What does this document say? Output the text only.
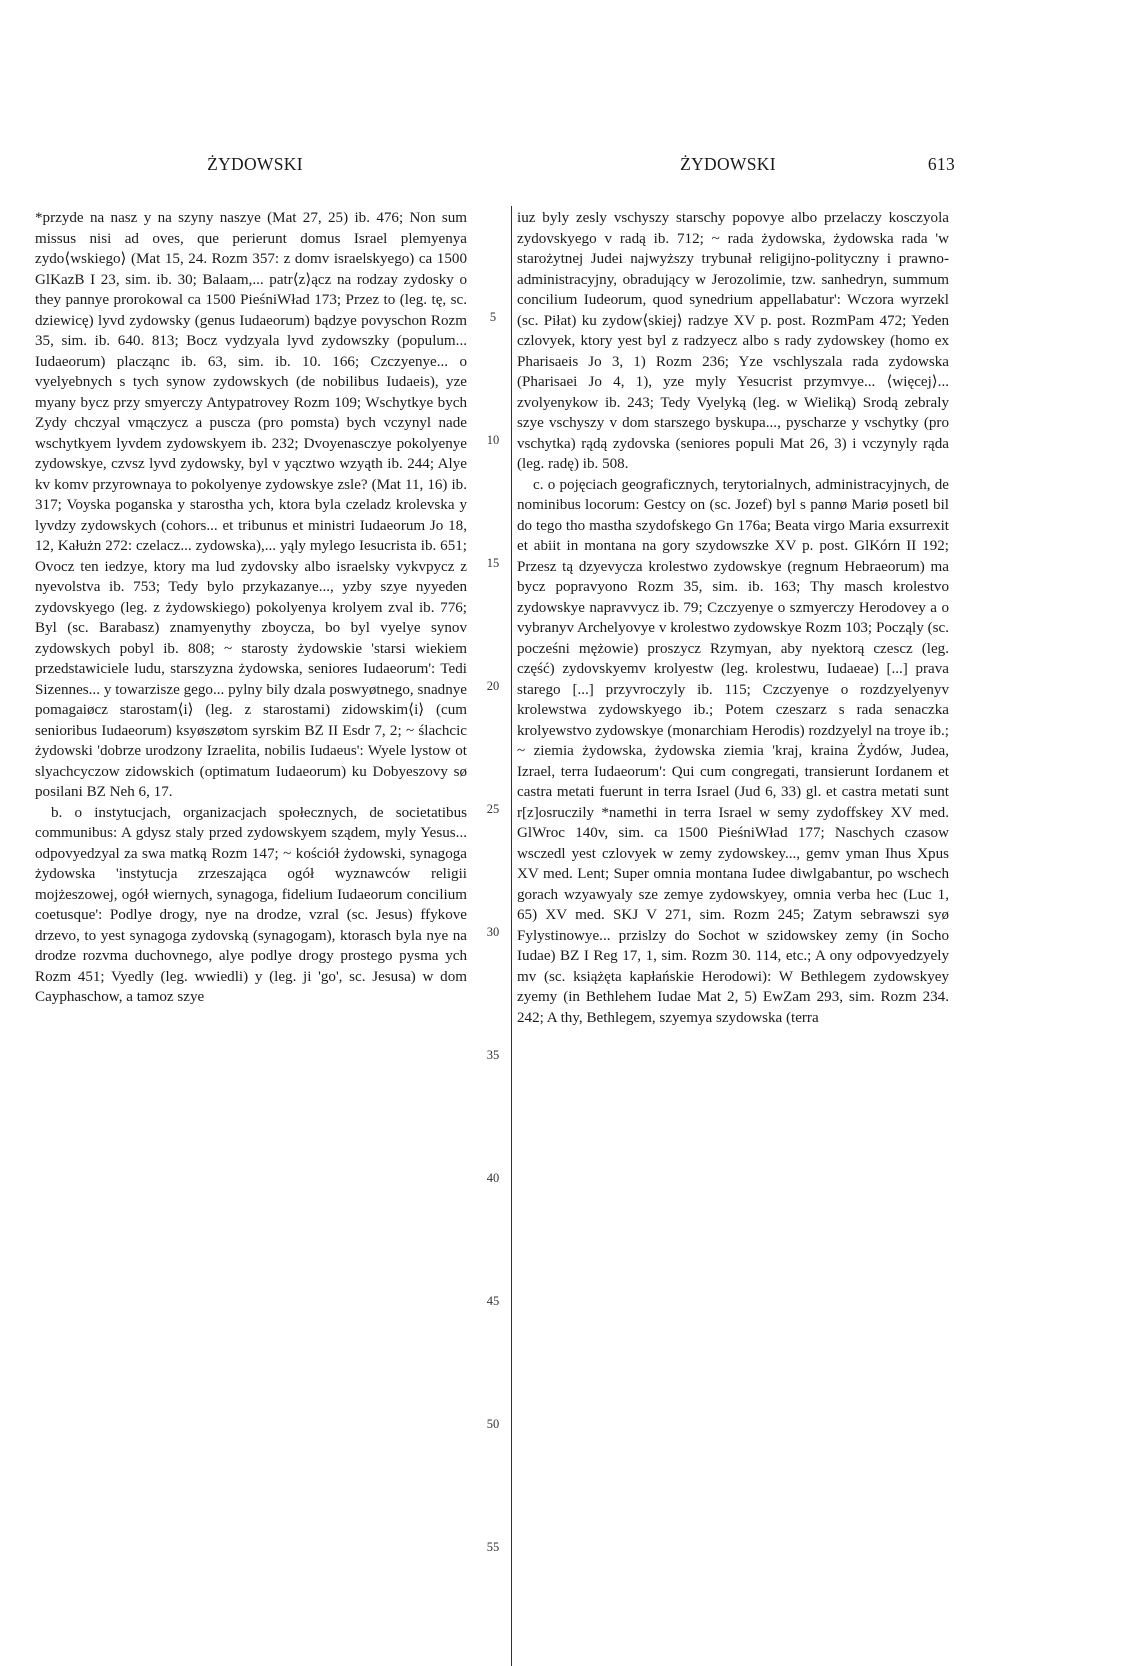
ŻYDOWSKI	ŻYDOWSKI	613

*przyde na nasz y na szyny naszye (Mat 27, 25) ib. 476; Non sum missus nisi ad oves, que perierunt domus Israel plemyenya zydo⟨wskiego⟩ (Mat 15, 24. Rozm 357: z domv israelskyego) ca 1500 GlKazB I 23, sim. ib. 30; Balaam,... patr⟨z⟩ącz na rodzay zydosky o they pannye prorokowal ca 1500 PieśniWład 173; Przez to (leg. tę, sc. dziewicę) lyvd zydowsky (genus Iudaeorum) bądzye povyschon Rozm 35, sim. ib. 640. 813; Bocz vydzyala lyvd zydowszky (populum... Iudaeorum) placząnc ib. 63, sim. ib. 10. 166; Czczyenye... o vyelyebnych s tych synow zydowskych (de nobilibus Iudaeis), yze myany bycz przy smyerczy Antypatrovey Rozm 109; Wschytkye bych Zydy chczyal vmączycz a puscza (pro pomsta) bych vczynyl nade wschytkyem lyvdem zydowskyem ib. 232; Dvoyenasczye pokolyenye zydowskye, czvsz lyvd zydowsky, byl v yącztwo wzyąth ib. 244; Alye kv komv przyrownaya to pokolyenye zydowskye zsle? (Mat 11, 16) ib. 317; Voyska poganska y starostha ych, ktora byla czeladz krolevska y lyvdzy zydowskych (cohors... et tribunus et ministri Iudaeorum Jo 18, 12, Kałużn 272: czelacz... zydowska),... yąly mylego Iesucrista ib. 651; Ovocz ten iedzye, ktory ma lud zydovsky albo israelsky vykvpycz z nyevolstva ib. 753; Tedy bylo przykazanye..., yzby szye nyyeden zydovskyego (leg. z żydowskiego) pokolyenya krolyem zval ib. 776; Byl (sc. Barabasz) znamyenythy zboycza, bo byl vyelye synov zydowskych pobyl ib. 808; ~ starosty żydowskie 'starsi wiekiem przedstawiciele ludu, starszyzna żydowska, seniores Iudaeorum': Tedi Sizennes... y towarzisze gego... pylny bily dzala poswyøtnego, snadnye pomagaiøcz starostam⟨i⟩ (leg. z starostami) zidowskim⟨i⟩ (cum senioribus Iudaeorum) ksyøszøtom syrskim BZ II Esdr 7, 2; ~ ślachcic żydowski 'dobrze urodzony Izraelita, nobilis Iudaeus': Wyele lystow ot slyachcyczow zidowskich (optimatum Iudaeorum) ku Dobyeszovy sø posilani BZ Neh 6, 17.

b. o instytucjach, organizacjach społecznych, de societatibus communibus: A gdysz staly przed zydowskyem sządem, myly Yesus... odpovyedzyal za swa matką Rozm 147; ~ kościół żydowski, synagoga żydowska 'instytucja zrzeszająca ogół wyznawców religii mojżeszowej, ogół wiernych, synagoga, fidelium Iudaeorum concilium coetusque': Podlye drogy, nye na drodze, vzral (sc. Jesus) ffykove drzevo, to yest synagoga zydovską (synagogam), ktorasch byla nye na drodze rozvma duchovnego, alye podlye drogy prostego pysma ych Rozm 451; Vyedly (leg. wwiedli) y (leg. ji 'go', sc. Jesusa) w dom Cayphaschow, a tamoz szye

5
10
15
20
25
30
35
40
45
50
55

iuz byly zesly vschyszy starschy popovye albo przelaczy kosczyola zydovskyego v radą ib. 712; ~ rada żydowska, żydowska rada 'w starożytnej Judei najwyższy trybunał religijno-polityczny i prawno-administracyjny, obradujący w Jerozolimie, tzw. sanhedryn, summum concilium Iudeorum, quod synedrium appellabatur': Wczora wyrzekl (sc. Piłat) ku zydow⟨skiej⟩ radzye XV p. post. RozmPam 472; Yeden czlovyek, ktory yest byl z radzyecz albo s rady zydowskey (homo ex Pharisaeis Jo 3, 1) Rozm 236; Yze vschlyszala rada zydowska (Pharisaei Jo 4, 1), yze myly Yesucrist przymvye... ⟨więcej⟩... zvolyenykow ib. 243; Tedy Vyelyką (leg. w Wieliką) Srodą zebraly szye vschyszy v dom starszego byskupa..., pyscharze y vschytky (pro vschytka) rądą zydovska (seniores populi Mat 26, 3) i vczynyly rąda (leg. radę) ib. 508.

c. o pojęciach geograficznych, terytorialnych, administracyjnych, de nominibus locorum: Gestcy on (sc. Jozef) byl s pannø Mariø posetl bil do tego tho mastha szydofskego Gn 176a; Beata virgo Maria exsurrexit et abiit in montana na gory szydowszke XV p. post. GlKórn II 192; Przesz tą dzyevycza krolestwo zydowskye (regnum Hebraeorum) ma bycz popravyono Rozm 35, sim. ib. 163; Thy masch krolestvo zydowskye napravvycz ib. 79; Czczyenye o szmyerczy Herodovey a o vybranyv Archelyovye v krolestwo zydowskye Rozm 103; Począly (sc. pocześni mężowie) proszycz Rzymyan, aby nyektorą czescz (leg. część) zydovskyemv krolyestw (leg. krolestwu, Iudaeae) [...] prava starego [...] przyvroczyly ib. 115; Czczyenye o rozdzyelyenyv krolewstwa zydowskyego ib.; Potem czeszarz s rada senaczka krolyewstvo zydowskye (monarchiam Herodis) rozdzyelyl na troye ib.; ~ ziemia żydowska, żydowska ziemia 'kraj, kraina Żydów, Judea, Izrael, terra Iudaeorum': Qui cum congregati, transierunt Iordanem et castra metati fuerunt in terra Israel (Jud 6, 33) gl. et castra metati sunt r[z]osruczily *namethi in terra Israel w semy zydoffskey XV med. GlWroc 140v, sim. ca 1500 PieśniWład 177; Naschych czasow wsczedl yest czlovyek w zemy zydowskey..., gemv yman Ihus Xpus XV med. Lent; Super omnia montana Iudee diwlgabantur, po wschech gorach wzyawyaly sze zemye zydowskyey, omnia verba hec (Luc 1, 65) XV med. SKJ V 271, sim. Rozm 245; Zatym sebrawszi syø Fylystinowye... przislzy do Sochot w szidowskey zemy (in Socho Iudae) BZ I Reg 17, 1, sim. Rozm 30. 114, etc.; A ony odpovyedzyely mv (sc. książęta kapłańskie Herodowi): W Bethlegem zydowskyey zyemy (in Bethlehem Iudae Mat 2, 5) EwZam 293, sim. Rozm 234. 242; A thy, Bethlegem, szyemya szydowska (terra
